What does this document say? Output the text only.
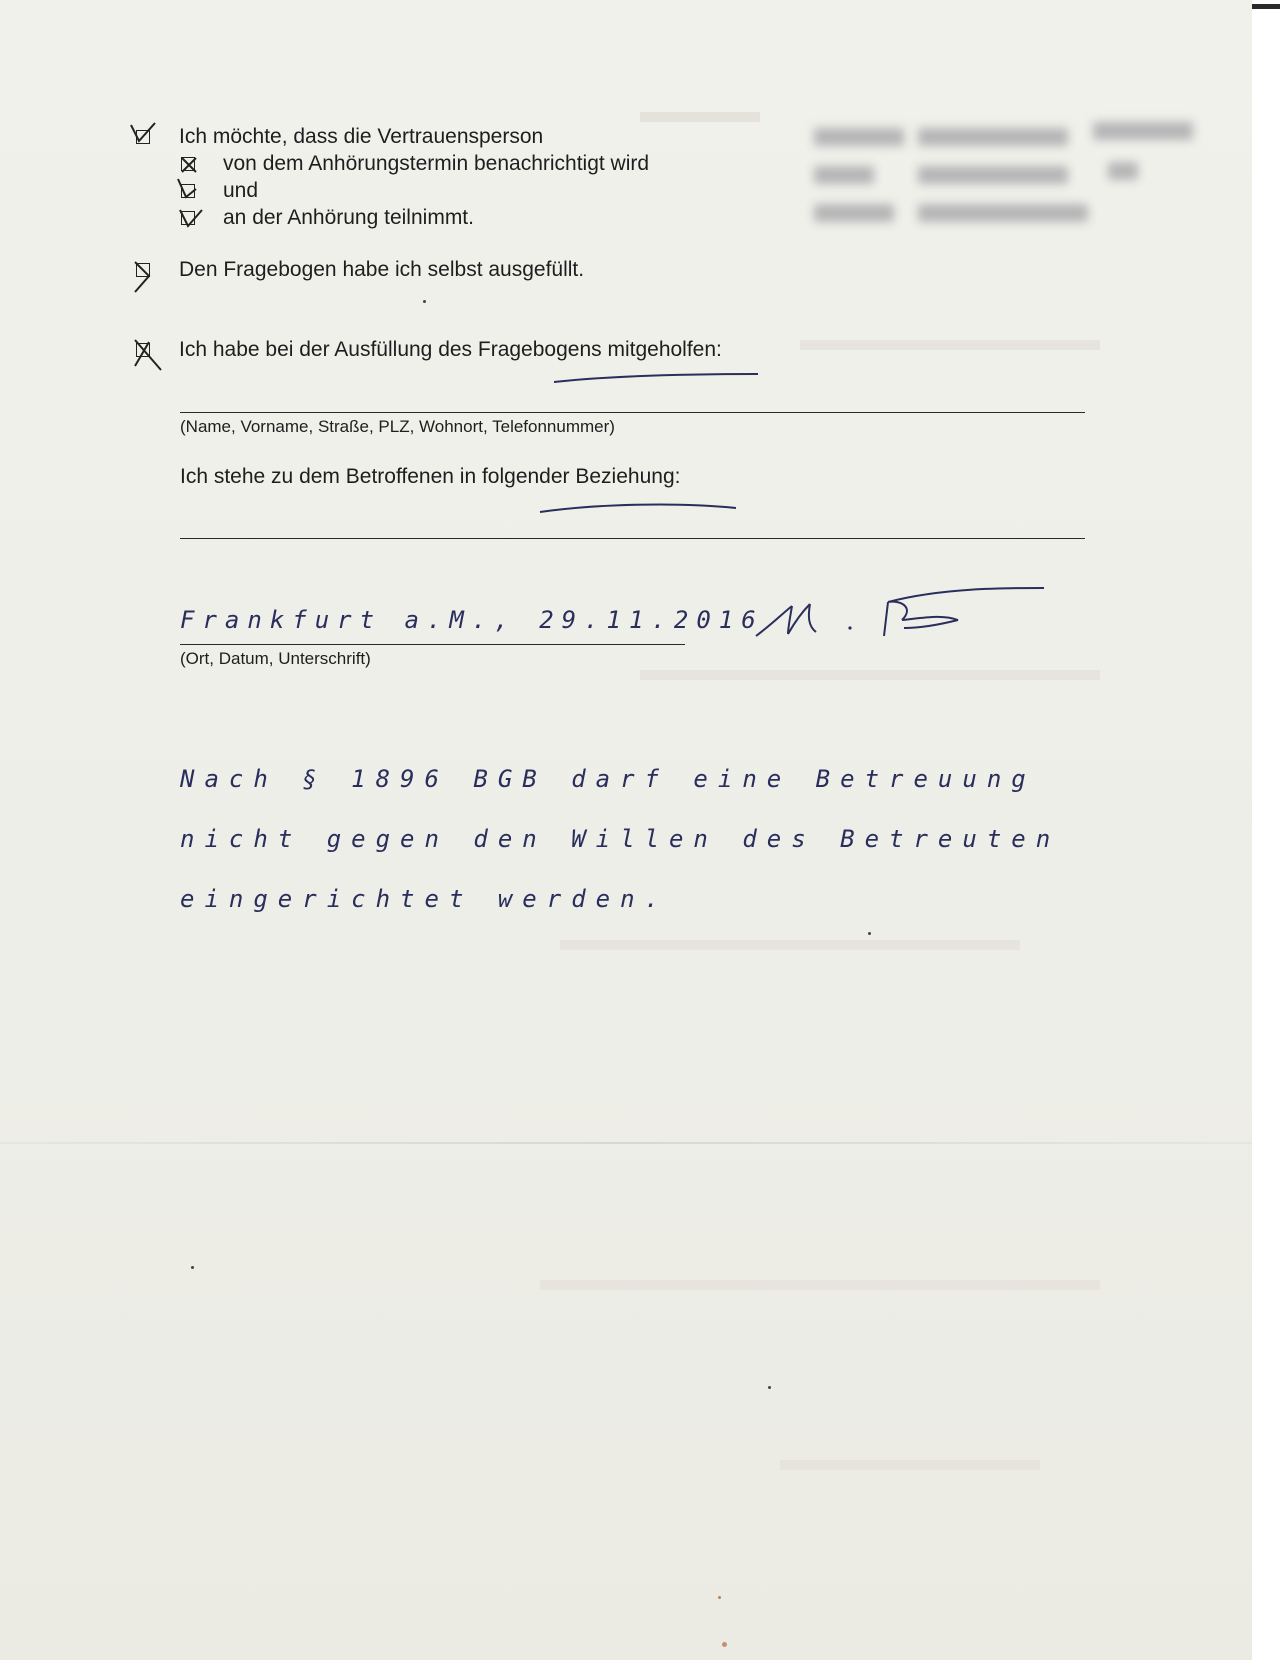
Ich möchte, dass die Vertrauensperson
von dem Anhörungstermin benachrichtigt wird
und
an der Anhörung teilnimmt.
Den Fragebogen habe ich selbst ausgefüllt.
Ich habe bei der Ausfüllung des Fragebogens mitgeholfen:
(Name, Vorname, Straße, PLZ, Wohnort, Telefonnummer)
Ich stehe zu dem Betroffenen in folgender Beziehung:
Frankfurt a.M., 29.11.2016
(Ort, Datum, Unterschrift)
Nach § 1896 BGB darf eine Betreuung
nicht gegen den Willen des Betreuten
eingerichtet werden.
